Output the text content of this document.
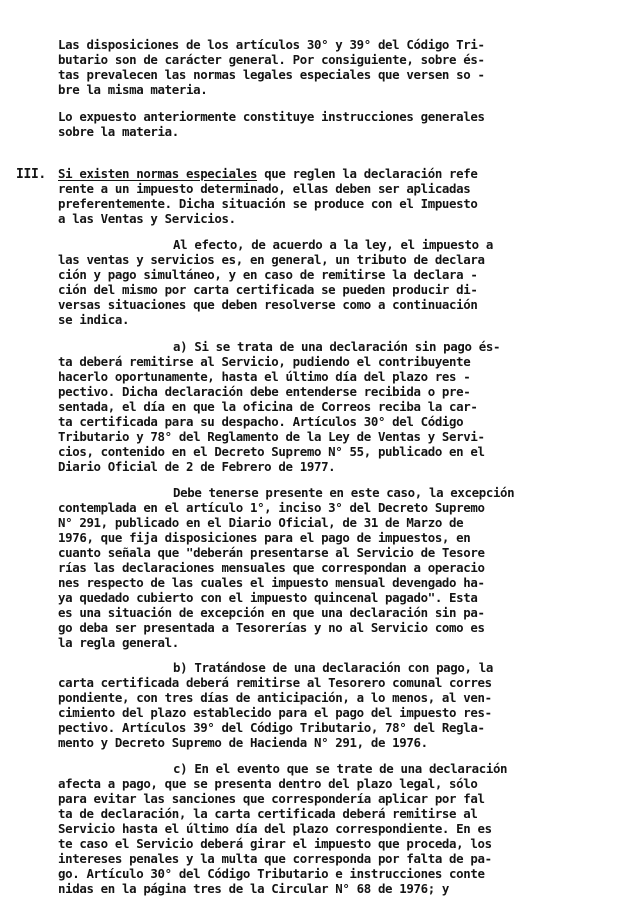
Las disposiciones de los artículos 30° y 39° del Código Tri-
butario son de carácter general. Por consiguiente, sobre és-
tas prevalecen las normas legales especiales que versen so -
bre la misma materia.
Lo expuesto anteriormente constituye instrucciones generales
sobre la materia.
III. Si existen normas especiales que reglen la declaración refe
rente a un impuesto determinado, ellas deben ser aplicadas
preferentemente. Dicha situación se produce con el Impuesto
a las Ventas y Servicios.
Al efecto, de acuerdo a la ley, el impuesto a
las ventas y servicios es, en general, un tributo de declara
ción y pago simultáneo, y en caso de remitirse la declara -
ción del mismo por carta certificada se pueden producir di-
versas situaciones que deben resolverse como a continuación
se indica.
a) Si se trata de una declaración sin pago és-
ta deberá remitirse al Servicio, pudiendo el contribuyente
hacerlo oportunamente, hasta el último día del plazo res -
pectivo. Dicha declaración debe entenderse recibida o pre-
sentada, el día en que la oficina de Correos reciba la car-
ta certificada para su despacho. Artículos 30° del Código
Tributario y 78° del Reglamento de la Ley de Ventas y Servi-
cios, contenido en el Decreto Supremo N° 55, publicado en el
Diario Oficial de 2 de Febrero de 1977.
Debe tenerse presente en este caso, la excepción
contemplada en el artículo 1°, inciso 3° del Decreto Supremo
N° 291, publicado en el Diario Oficial, de 31 de Marzo de
1976, que fija disposiciones para el pago de impuestos, en
cuanto señala que "deberán presentarse al Servicio de Tesore
rías las declaraciones mensuales que correspondan a operacio
nes respecto de las cuales el impuesto mensual devengado ha-
ya quedado cubierto con el impuesto quincenal pagado". Esta
es una situación de excepción en que una declaración sin pa-
go deba ser presentada a Tesorerías y no al Servicio como es
la regla general.
b) Tratándose de una declaración con pago, la
carta certificada deberá remitirse al Tesorero comunal corres
pondiente, con tres días de anticipación, a lo menos, al ven-
cimiento del plazo establecido para el pago del impuesto res-
pectivo. Artículos 39° del Código Tributario, 78° del Regla-
mento y Decreto Supremo de Hacienda N° 291, de 1976.
c) En el evento que se trate de una declaración
afecta a pago, que se presenta dentro del plazo legal, sólo
para evitar las sanciones que correspondería aplicar por fal
ta de declaración, la carta certificada deberá remitirse al
Servicio hasta el último día del plazo correspondiente. En es
te caso el Servicio deberá girar el impuesto que proceda, los
intereses penales y la multa que corresponda por falta de pa-
go. Artículo 30° del Código Tributario e instrucciones conte
nidas en la página tres de la Circular N° 68 de 1976; y
